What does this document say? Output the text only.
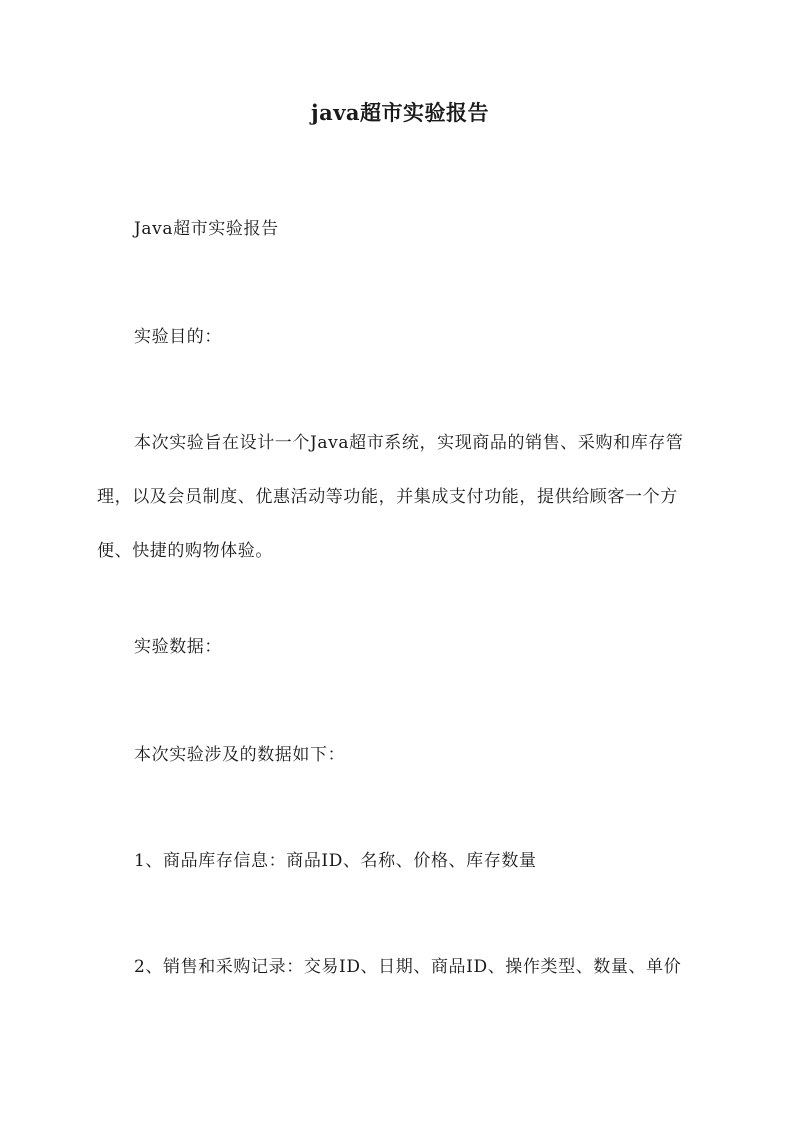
java超市实验报告

Java超市实验报告

实验目的：

本次实验旨在设计一个Java超市系统，实现商品的销售、采购和库存管理，以及会员制度、优惠活动等功能，并集成支付功能，提供给顾客一个方便、快捷的购物体验。

实验数据：

本次实验涉及的数据如下：

1、商品库存信息：商品ID、名称、价格、库存数量

2、销售和采购记录：交易ID、日期、商品ID、操作类型、数量、单价
